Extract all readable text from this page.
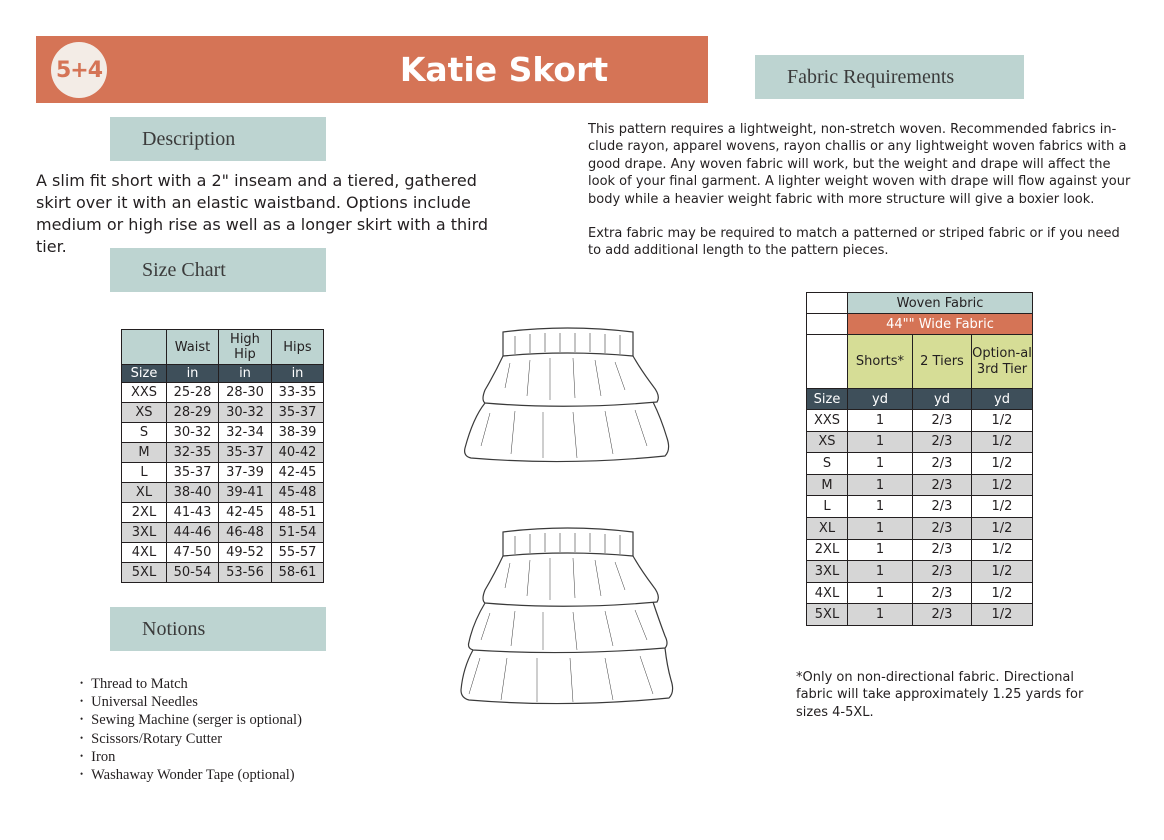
5+4	Katie Skort
Description
Size Chart
Notions
Fabric Requirements
A slim fit short with a 2" inseam and a tiered, gathered skirt over it with an elastic waistband. Options include medium or high rise as well as a longer skirt with a third tier.

This pattern requires a lightweight, non-stretch woven. Recommended fabrics in-clude rayon, apparel wovens, rayon challis or any lightweight woven fabrics with a good drape. Any woven fabric will work, but the weight and drape will affect the look of your final garment. A lighter weight woven with drape will flow against your body while a heavier weight fabric with more structure will give a boxier look.

Extra fabric may be required to match a patterned or striped fabric or if you need to add additional length to the pattern pieces.

	Waist	High Hip	Hips
Size	in	in	in
XXS	25-28	28-30	33-35
XS	28-29	30-32	35-37
S	30-32	32-34	38-39
M	32-35	35-37	40-42
L	35-37	37-39	42-45
XL	38-40	39-41	45-48
2XL	41-43	42-45	48-51
3XL	44-46	46-48	51-54
4XL	47-50	49-52	55-57
5XL	50-54	53-56	58-61
	Woven Fabric		
	44"" Wide Fabric		
	Shorts*	2 Tiers	Option-al 3rd Tier
Size	yd	yd	yd
XXS	1	2/3	1/2
XS	1	2/3	1/2
S	1	2/3	1/2
M	1	2/3	1/2
L	1	2/3	1/2
XL	1	2/3	1/2
2XL	1	2/3	1/2
3XL	1	2/3	1/2
4XL	1	2/3	1/2
5XL	1	2/3	1/2
*Only on non-directional fabric. Directional fabric will take approximately 1.25 yards for sizes 4-5XL.
• Thread to Match
• Universal Needles
• Sewing Machine (serger is optional)
• Scissors/Rotary Cutter
• Iron
• Washaway Wonder Tape (optional)
